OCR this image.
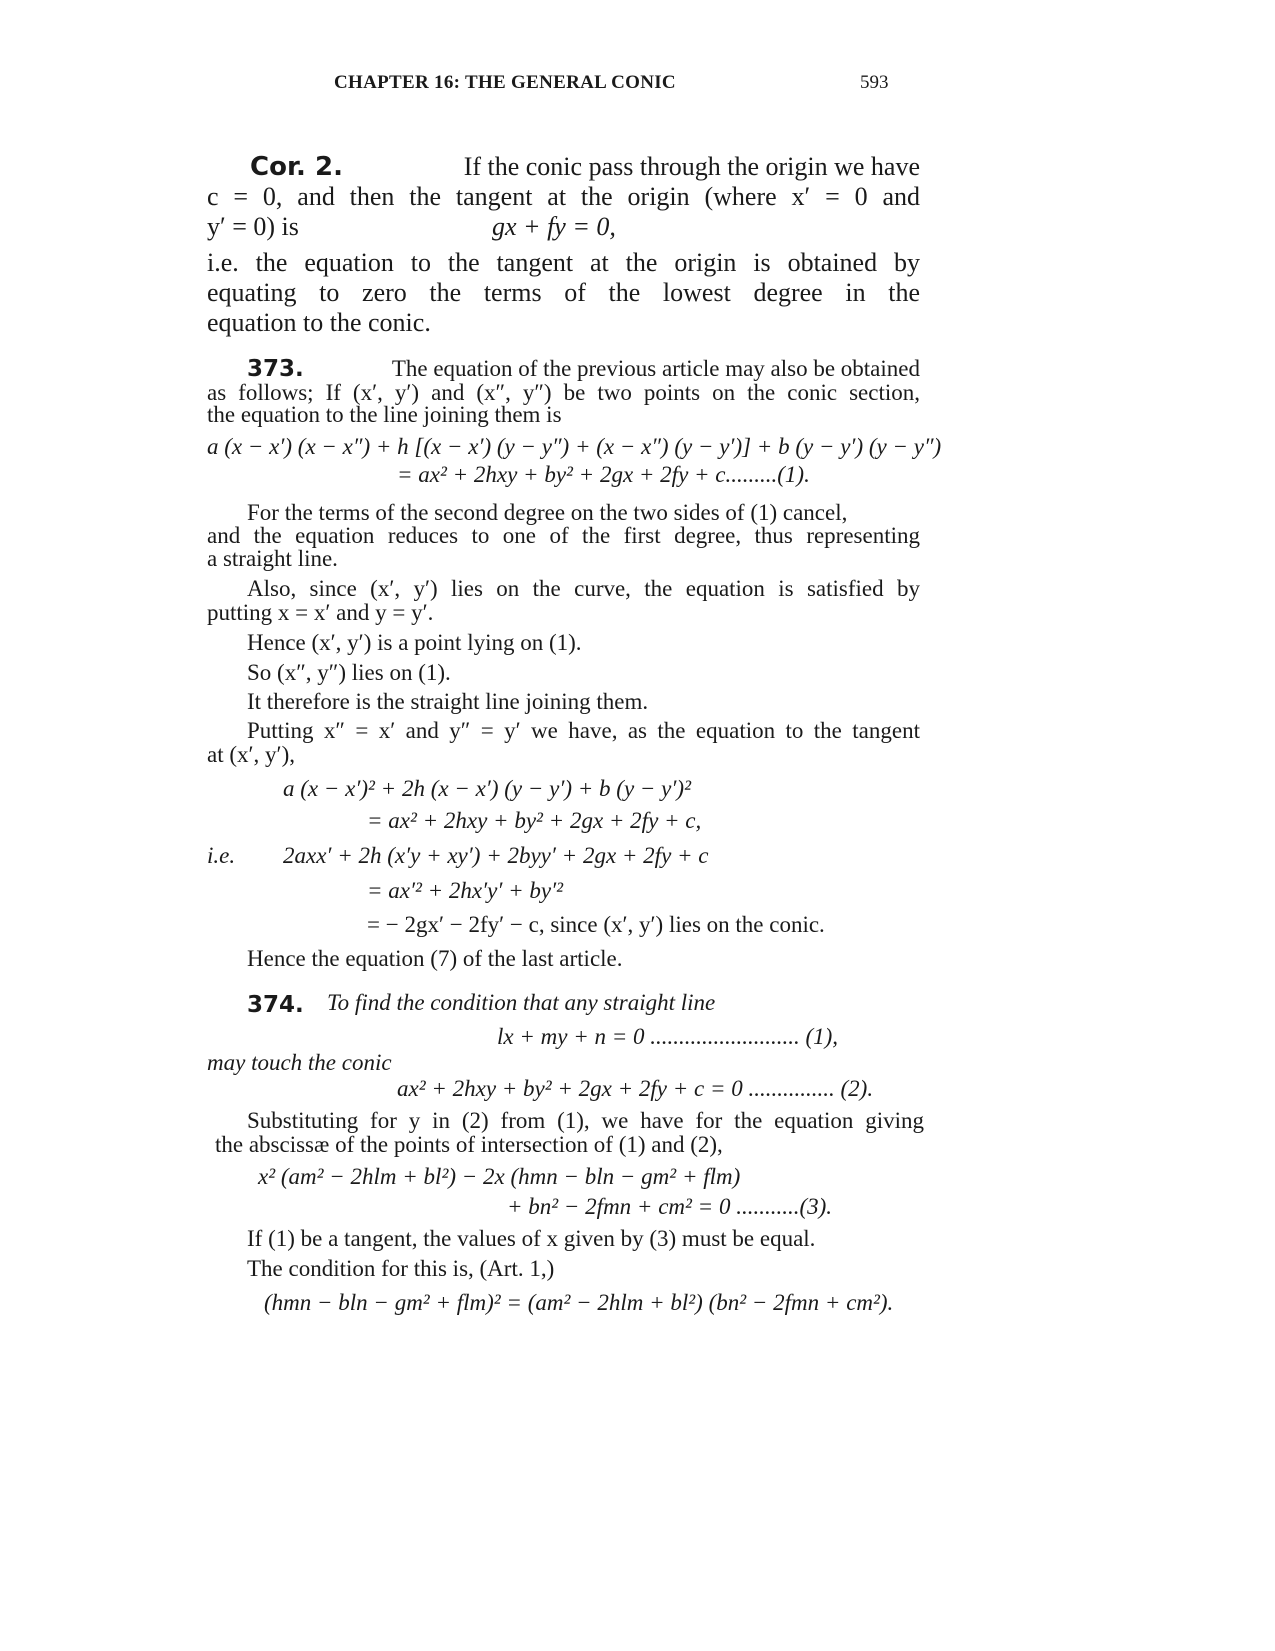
CHAPTER 16: THE GENERAL CONIC	593
Cor. 2.	If the conic pass through the origin we have
c = 0, and then the tangent at the origin (where x′ = 0 and
y′ = 0) is	gx + fy = 0,
i.e. the equation to the tangent at the origin is obtained by
equating to zero the terms of the lowest degree in the
equation to the conic.
373.	The equation of the previous article may also be obtained
as follows; If (x′, y′) and (x″, y″) be two points on the conic section,
the equation to the line joining them is
a (x − x′) (x − x″) + h [(x − x′) (y − y″) + (x − x″) (y − y′)] + b (y − y′) (y − y″)
= ax² + 2hxy + by² + 2gx + 2fy + c.........(1).
For the terms of the second degree on the two sides of (1) cancel,
and the equation reduces to one of the first degree, thus representing
a straight line.
Also, since (x′, y′) lies on the curve, the equation is satisfied by
putting x = x′ and y = y′.
Hence (x′, y′) is a point lying on (1).
So (x″, y″) lies on (1).
It therefore is the straight line joining them.
Putting x″ = x′ and y″ = y′ we have, as the equation to the tangent
at (x′, y′),
a (x − x′)² + 2h (x − x′) (y − y′) + b (y − y′)²
= ax² + 2hxy + by² + 2gx + 2fy + c,
i.e. 2axx′ + 2h (x′y + xy′) + 2byy′ + 2gx + 2fy + c
= ax′² + 2hx′y′ + by′²
= − 2gx′ − 2fy′ − c, since (x′, y′) lies on the conic.
Hence the equation (7) of the last article.
374. To find the condition that any straight line
lx + my + n = 0 .......................... (1),
may touch the conic
ax² + 2hxy + by² + 2gx + 2fy + c = 0 ............... (2).
Substituting for y in (2) from (1), we have for the equation giving
the abscissæ of the points of intersection of (1) and (2),
x² (am² − 2hlm + bl²) − 2x (hmn − bln − gm² + flm)
+ bn² − 2fmn + cm² = 0 ...........(3).
If (1) be a tangent, the values of x given by (3) must be equal.
The condition for this is, (Art. 1,)
(hmn − bln − gm² + flm)² = (am² − 2hlm + bl²) (bn² − 2fmn + cm²).
